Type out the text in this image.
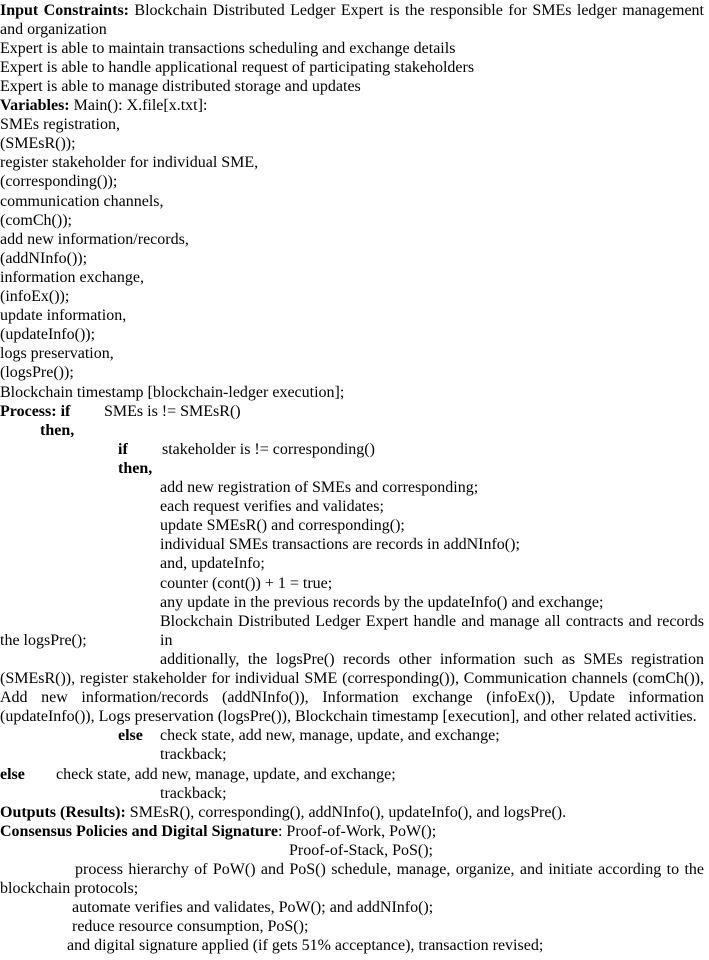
Input Constraints: Blockchain Distributed Ledger Expert is the responsible for SMEs ledger management
and organization
Expert is able to maintain transactions scheduling and exchange details
Expert is able to handle applicational request of participating stakeholders
Expert is able to manage distributed storage and updates
Variables: Main(): X.file[x.txt]:
SMEs registration,
(SMEsR());
register stakeholder for individual SME,
(corresponding());
communication channels,
(comCh());
add new information/records,
(addNInfo());
information exchange,
(infoEx());
update information,
(updateInfo());
logs preservation,
(logsPre());
Blockchain timestamp [blockchain-ledger execution];
Process: if SMEs is != SMEsR()
then,
if stakeholder is != corresponding()
then,
add new registration of SMEs and corresponding;
each request verifies and validates;
update SMEsR() and corresponding();
individual SMEs transactions are records in addNInfo();
and, updateInfo;
counter (cont()) + 1 = true;
any update in the previous records by the updateInfo() and exchange;
Blockchain Distributed Ledger Expert handle and manage all contracts and records in
the logsPre();
additionally, the logsPre() records other information such as SMEs registration
(SMEsR()), register stakeholder for individual SME (corresponding()), Communication channels (comCh()),
Add new information/records (addNInfo()), Information exchange (infoEx()), Update information
(updateInfo()), Logs preservation (logsPre()), Blockchain timestamp [execution], and other related activities.
else check state, add new, manage, update, and exchange;
trackback;
else check state, add new, manage, update, and exchange;
trackback;
Outputs (Results): SMEsR(), corresponding(), addNInfo(), updateInfo(), and logsPre().
Consensus Policies and Digital Signature: Proof-of-Work, PoW();
Proof-of-Stack, PoS();
process hierarchy of PoW() and PoS() schedule, manage, organize, and initiate according to the
blockchain protocols;
automate verifies and validates, PoW(); and addNInfo();
reduce resource consumption, PoS();
and digital signature applied (if gets 51% acceptance), transaction revised;
